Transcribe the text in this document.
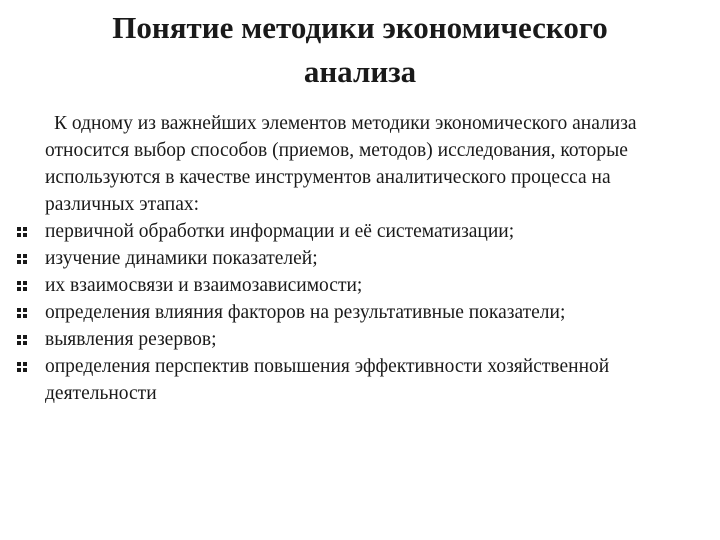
Понятие методики экономического
анализа

К одному из важнейших элементов методики экономического анализа относится выбор способов (приемов, методов) исследования, которые используются в качестве инструментов аналитического процесса на различных этапах:

первичной обработки информации и её систематизации;
изучение динамики показателей;
их взаимосвязи и взаимозависимости;
определения влияния факторов на результативные показатели;
выявления резервов;
определения перспектив повышения эффективности хозяйственной деятельности
